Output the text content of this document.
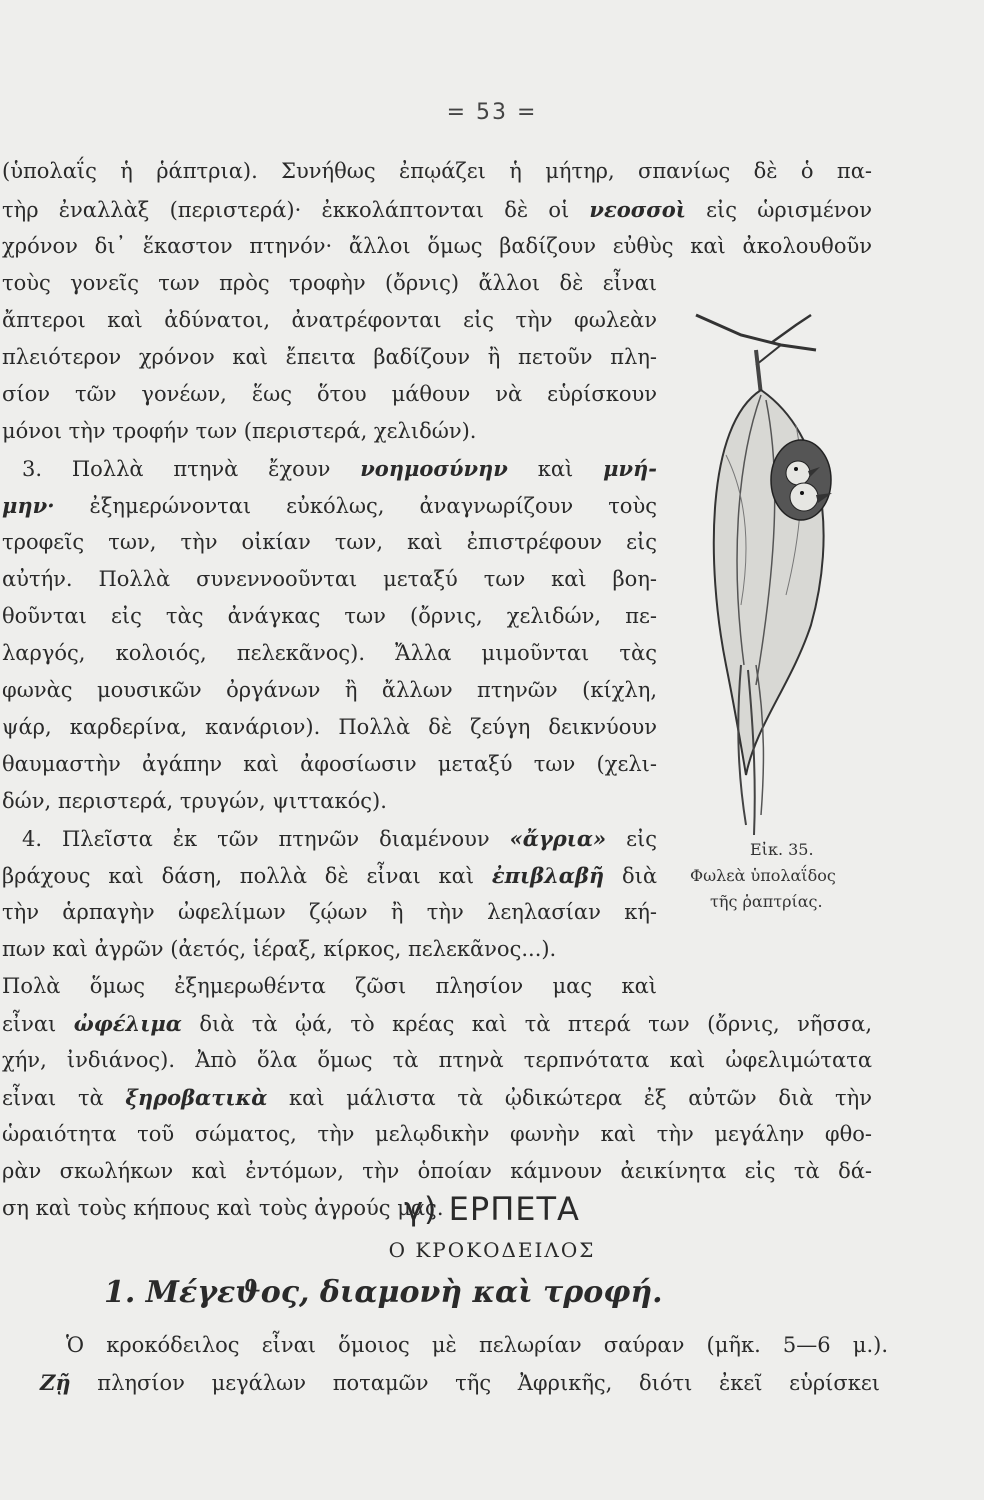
= 53 =
(ὑπολαΐς ἡ ῥάπτρια). Συνήθως ἐπῳάζει ἡ μήτηρ, σπανίως δὲ ὁ πα-
τὴρ ἐναλλὰξ (περιστερά)· ἐκκολάπτονται δὲ οἱ νεοσσοὶ εἰς ὡρισμένον
χρόνον δι᾽ ἕκαστον πτηνόν· ἄλλοι ὅμως βαδίζουν εὐθὺς καὶ ἀκολουθοῦν
τοὺς γονεῖς των πρὸς τροφὴν (ὄρνις) ἄλλοι δὲ εἶναι
ἄπτεροι καὶ ἀδύνατοι, ἀνατρέφονται εἰς τὴν φωλεὰν
πλειότερον χρόνον καὶ ἔπειτα βαδίζουν ἢ πετοῦν πλη-
σίον τῶν γονέων, ἕως ὅτου μάθουν νὰ εὑρίσκουν
μόνοι τὴν τροφήν των (περιστερά, χελιδών).
3. Πολλὰ πτηνὰ ἔχουν νοημοσύνην καὶ μνή-
μην· ἐξημερώνονται εὐκόλως, ἀναγνωρίζουν τοὺς
τροφεῖς των, τὴν οἰκίαν των, καὶ ἐπιστρέφουν εἰς
αὐτήν. Πολλὰ συνεννοοῦνται μεταξύ των καὶ βοη-
θοῦνται εἰς τὰς ἀνάγκας των (ὄρνις, χελιδών, πε-
λαργός, κολοιός, πελεκᾶνος). Ἄλλα μιμοῦνται τὰς
φωνὰς μουσικῶν ὀργάνων ἢ ἄλλων πτηνῶν (κίχλη,
ψάρ, καρδερίνα, κανάριον). Πολλὰ δὲ ζεύγη δεικνύουν
θαυμαστὴν ἀγάπην καὶ ἀφοσίωσιν μεταξύ των (χελι-
δών, περιστερά, τρυγών, ψιττακός).
4. Πλεῖστα ἐκ τῶν πτηνῶν διαμένουν «ἄγρια» εἰς
βράχους καὶ δάση, πολλὰ δὲ εἶναι καὶ ἐπιβλαβῆ διὰ
τὴν ἁρπαγὴν ὠφελίμων ζῴων ἢ τὴν λεηλασίαν κή-
πων καὶ ἀγρῶν (ἀετός, ἱέραξ, κίρκος, πελεκᾶνος...).
Πολὰ ὅμως ἐξημερωθέντα ζῶσι πλησίον μας καὶ
εἶναι ὠφέλιμα διὰ τὰ ᾠά, τὸ κρέας καὶ τὰ πτερά των (ὄρνις, νῆσσα,
χήν, ἰνδιάνος). Ἀπὸ ὅλα ὅμως τὰ πτηνὰ τερπνότατα καὶ ὠφελιμώτατα
εἶναι τὰ ξηροβατικὰ καὶ μάλιστα τὰ ᾠδικώτερα ἐξ αὐτῶν διὰ τὴν
ὡραιότητα τοῦ σώματος, τὴν μελῳδικὴν φωνὴν καὶ τὴν μεγάλην φθο-
ρὰν σκωλήκων καὶ ἐντόμων, τὴν ὁποίαν κάμνουν ἀεικίνητα εἰς τὰ δά-
ση καὶ τοὺς κήπους καὶ τοὺς ἀγρούς μας.
Εἰκ. 35.
Φωλεὰ ὑπολαΐδος
τῆς ῥαπτρίας.
γ) ΕΡΠΕΤΑ
Ο ΚΡΟΚΟΔΕΙΛΟΣ
1. Μέγεϑος, διαμονὴ καὶ τροφή.
Ὁ κροκόδειλος εἶναι ὅμοιος μὲ πελωρίαν σαύραν (μῆκ. 5—6 μ.).
Ζῇ πλησίον μεγάλων ποταμῶν τῆς Ἀφρικῆς, διότι ἐκεῖ εὑρίσκει
